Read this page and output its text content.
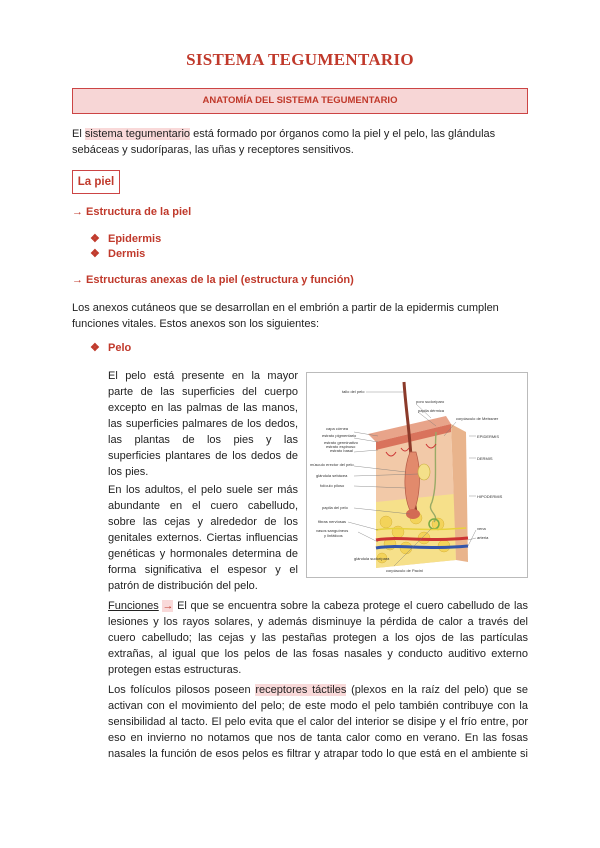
SISTEMA TEGUMENTARIO
ANATOMÍA DEL SISTEMA TEGUMENTARIO
El sistema tegumentario está formado por órganos como la piel y el pelo, las glándulas
sebáceas y sudoríparas, las uñas y receptores sensitivos.
La piel
→ Estructura de la piel
❖ Epidermis
❖ Dermis
→ Estructuras anexas de la piel (estructura y función)
Los anexos cutáneos que se desarrollan en el embrión a partir de la epidermis cumplen
funciones vitales. Estos anexos son los siguientes:
❖ Pelo
El pelo está presente en la mayor
parte de las superficies del cuerpo
excepto en las palmas de las manos,
las superficies palmares de los dedos,
las plantas de los pies y las
superficies plantares de los dedos de
los pies.
En los adultos, el pelo suele ser más
abundante en el cuero cabelludo,
sobre las cejas y alrededor de los
genitales externos. Ciertas influencias
genéticas y hormonales determina de
forma significativa el espesor y el
patrón de distribución del pelo.
tallo del pelo
poro sudoríparo
papila dérmica
corpúsculo de Meissner
capa córnea
estrato pigmentario
estrato germinativo
estrato espinoso
estrato basal
músculo erector del pelo
glándula sebácea
folículo piloso
papila del pelo
fibras nerviosas
vasos sanguíneos
y linfáticos
glándula sudorípara
corpúsculo de Pacini
EPIDERMIS
DERMIS
HIPODERMIS
vena
arteria
Funciones → El que se encuentra sobre la cabeza protege el cuero cabelludo de las
lesiones y los rayos solares, y además disminuye la pérdida de calor a través del
cuero cabelludo; las cejas y las pestañas protegen a los ojos de las partículas
extrañas, al igual que los pelos de las fosas nasales y conducto auditivo externo
protegen estas estructuras.
Los folículos pilosos poseen receptores táctiles (plexos en la raíz del pelo) que se
activan con el movimiento del pelo; de este modo el pelo también contribuye con la
sensibilidad al tacto. El pelo evita que el calor del interior se disipe y el frío entre, por
eso en invierno no notamos que nos de tanta calor como en verano. En las fosas
nasales la función de esos pelos es filtrar y atrapar todo lo que está en el ambiente si
